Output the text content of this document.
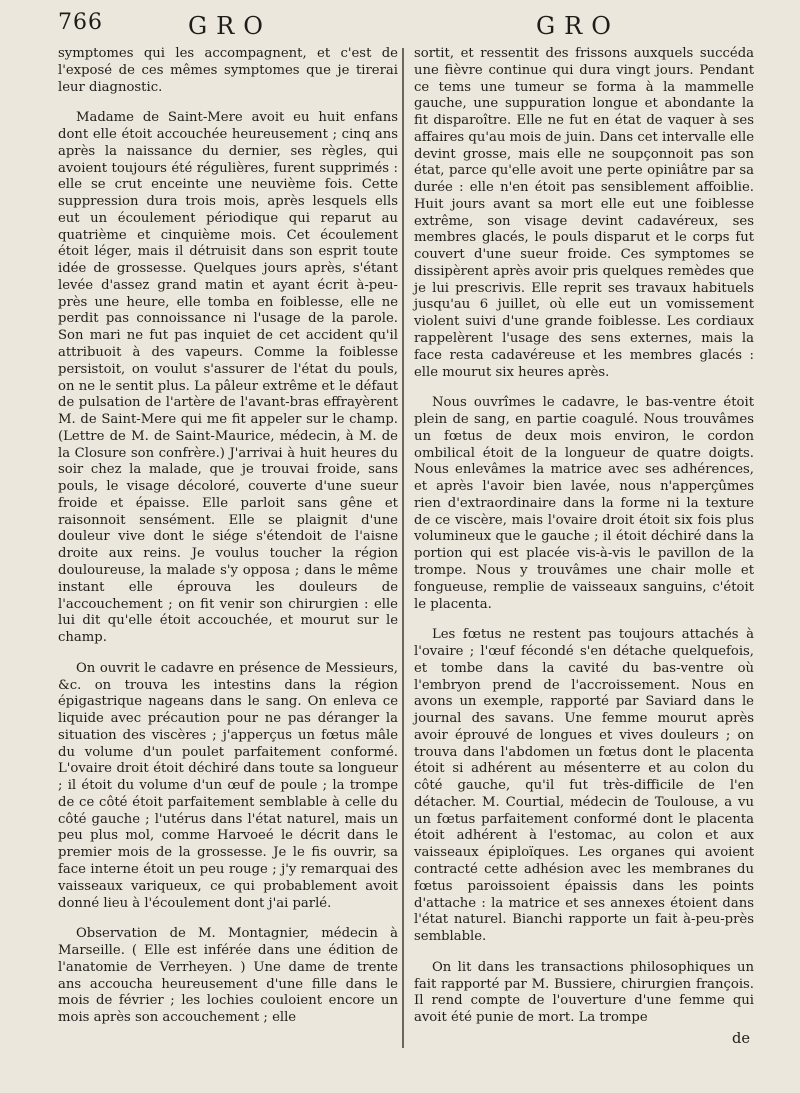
766	GRO	GRO

symptomes qui les accompagnent, et c'est de l'exposé de ces mêmes symptomes que je tirerai leur diagnostic.

Madame de Saint-Mere avoit eu huit enfans dont elle étoit accouchée heureusement ; cinq ans après la naissance du dernier, ses règles, qui avoient toujours été régulières, furent supprimés : elle se crut enceinte une neuvième fois. Cette suppression dura trois mois, après lesquels ells eut un écoulement périodique qui reparut au quatrième et cinquième mois. Cet écoulement étoit léger, mais il détruisit dans son esprit toute idée de grossesse. Quelques jours après, s'étant levée d'assez grand matin et ayant écrit à-peu-près une heure, elle tomba en foiblesse, elle ne perdit pas connoissance ni l'usage de la parole. Son mari ne fut pas inquiet de cet accident qu'il attribuoit à des vapeurs. Comme la foiblesse persistoit, on voulut s'assurer de l'état du pouls, on ne le sentit plus. La pâleur extrême et le défaut de pulsation de l'artère de l'avant-bras effrayèrent M. de Saint-Mere qui me fit appeler sur le champ. (Lettre de M. de Saint-Maurice, médecin, à M. de la Closure son confrère.) J'arrivai à huit heures du soir chez la malade, que je trouvai froide, sans pouls, le visage décoloré, couverte d'une sueur froide et épaisse. Elle parloit sans gêne et raisonnoit sensément. Elle se plaignit d'une douleur vive dont le siége s'étendoit de l'aisne droite aux reins. Je voulus toucher la région douloureuse, la malade s'y opposa ; dans le même instant elle éprouva les douleurs de l'accouchement ; on fit venir son chirurgien : elle lui dit qu'elle étoit accouchée, et mourut sur le champ.

On ouvrit le cadavre en présence de Messieurs, &c. on trouva les intestins dans la région épigastrique nageans dans le sang. On enleva ce liquide avec précaution pour ne pas déranger la situation des viscères ; j'apperçus un fœtus mâle du volume d'un poulet parfaitement conformé. L'ovaire droit étoit déchiré dans toute sa longueur ; il étoit du volume d'un œuf de poule ; la trompe de ce côté étoit parfaitement semblable à celle du côté gauche ; l'utérus dans l'état naturel, mais un peu plus mol, comme Harvoeé le décrit dans le premier mois de la grossesse. Je le fis ouvrir, sa face interne étoit un peu rouge ; j'y remarquai des vaisseaux variqueux, ce qui probablement avoit donné lieu à l'écoulement dont j'ai parlé.

Observation de M. Montagnier, médecin à Marseille. ( Elle est inférée dans une édition de l'anatomie de Verrheyen. ) Une dame de trente ans accoucha heureusement d'une fille dans le mois de février ; les lochies couloient encore un mois après son accouchement ; elle

sortit, et ressentit des frissons auxquels succéda une fièvre continue qui dura vingt jours. Pendant ce tems une tumeur se forma à la mammelle gauche, une suppuration longue et abondante la fit disparoître. Elle ne fut en état de vaquer à ses affaires qu'au mois de juin. Dans cet intervalle elle devint grosse, mais elle ne soupçonnoit pas son état, parce qu'elle avoit une perte opiniâtre par sa durée : elle n'en étoit pas sensiblement affoiblie. Huit jours avant sa mort elle eut une foiblesse extrême, son visage devint cadavéreux, ses membres glacés, le pouls disparut et le corps fut couvert d'une sueur froide. Ces symptomes se dissipèrent après avoir pris quelques remèdes que je lui prescrivis. Elle reprit ses travaux habituels jusqu'au 6 juillet, où elle eut un vomissement violent suivi d'une grande foiblesse. Les cordiaux rappelèrent l'usage des sens externes, mais la face resta cadavéreuse et les membres glacés : elle mourut six heures après.

Nous ouvrîmes le cadavre, le bas-ventre étoit plein de sang, en partie coagulé. Nous trouvâmes un fœtus de deux mois environ, le cordon ombilical étoit de la longueur de quatre doigts. Nous enlevâmes la matrice avec ses adhérences, et après l'avoir bien lavée, nous n'apperçûmes rien d'extraordinaire dans la forme ni la texture de ce viscère, mais l'ovaire droit étoit six fois plus volumineux que le gauche ; il étoit déchiré dans la portion qui est placée vis-à-vis le pavillon de la trompe. Nous y trouvâmes une chair molle et fongueuse, remplie de vaisseaux sanguins, c'étoit le placenta.

Les fœtus ne restent pas toujours attachés à l'ovaire ; l'œuf fécondé s'en détache quelquefois, et tombe dans la cavité du bas-ventre où l'embryon prend de l'accroissement. Nous en avons un exemple, rapporté par Saviard dans le journal des savans. Une femme mourut après avoir éprouvé de longues et vives douleurs ; on trouva dans l'abdomen un fœtus dont le placenta étoit si adhérent au mésenterre et au colon du côté gauche, qu'il fut très-difficile de l'en détacher. M. Courtial, médecin de Toulouse, a vu un fœtus parfaitement conformé dont le placenta étoit adhérent à l'estomac, au colon et aux vaisseaux épiploïques. Les organes qui avoient contracté cette adhésion avec les membranes du fœtus paroissoient épaissis dans les points d'attache : la matrice et ses annexes étoient dans l'état naturel. Bianchi rapporte un fait à-peu-près semblable.

On lit dans les transactions philosophiques un fait rapporté par M. Bussiere, chirurgien françois. Il rend compte de l'ouverture d'une femme qui avoit été punie de mort. La trompe

de
